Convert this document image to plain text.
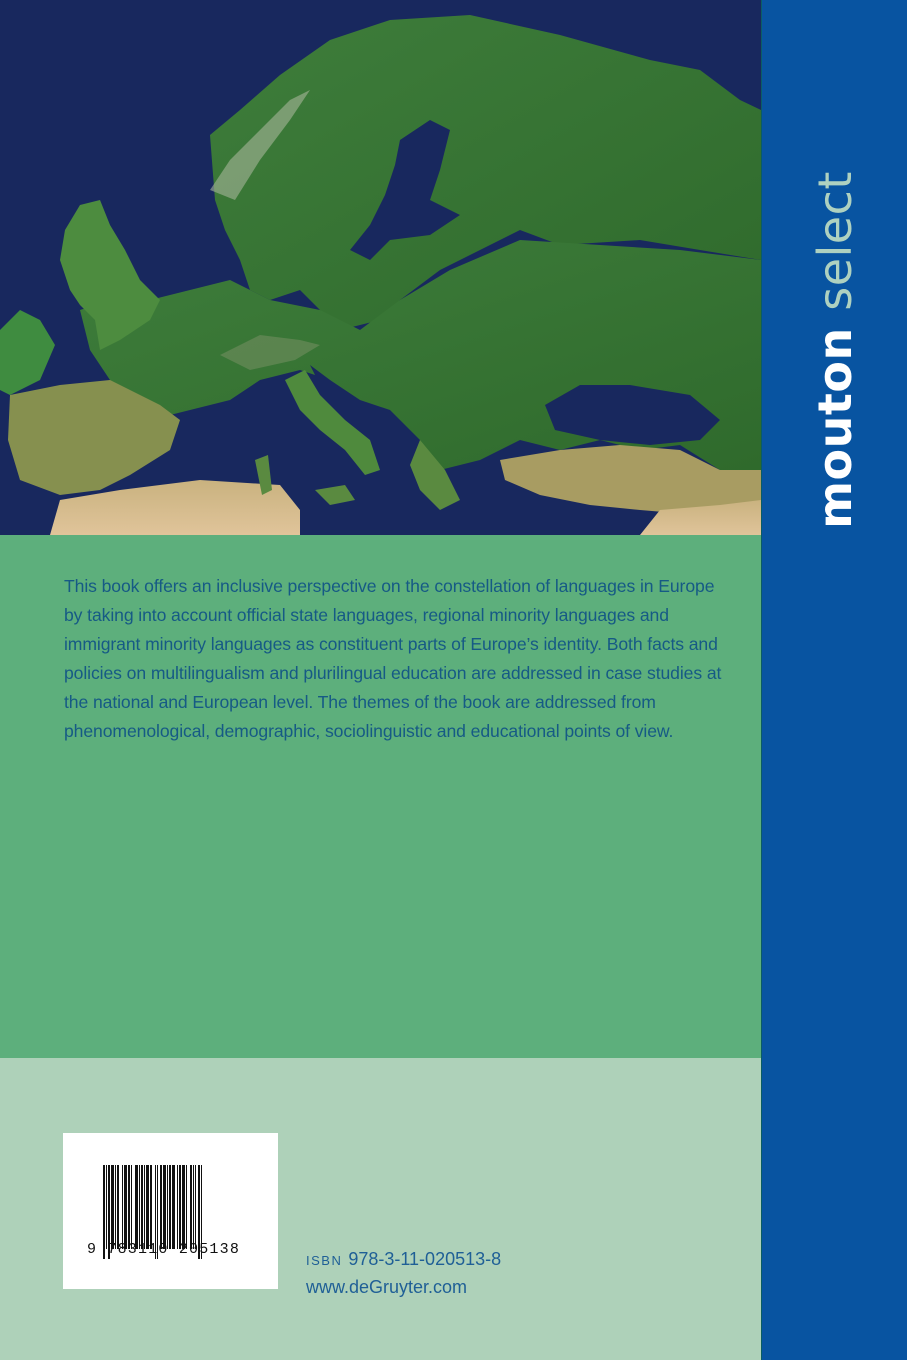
This book offers an inclusive perspective on the constellation of languages in Europe by taking into account official state languages, regional minority languages and immigrant minority languages as constituent parts of Europe’s identity. Both facts and policies on multilingualism and plurilingual education are addressed in case studies at the national and European level. The themes of the book are addressed from phenomenological, demographic, sociolinguistic and educational points of view.
9 783110 205138
ISBN 978-3-11-020513-8
www.deGruyter.com
mouton select
